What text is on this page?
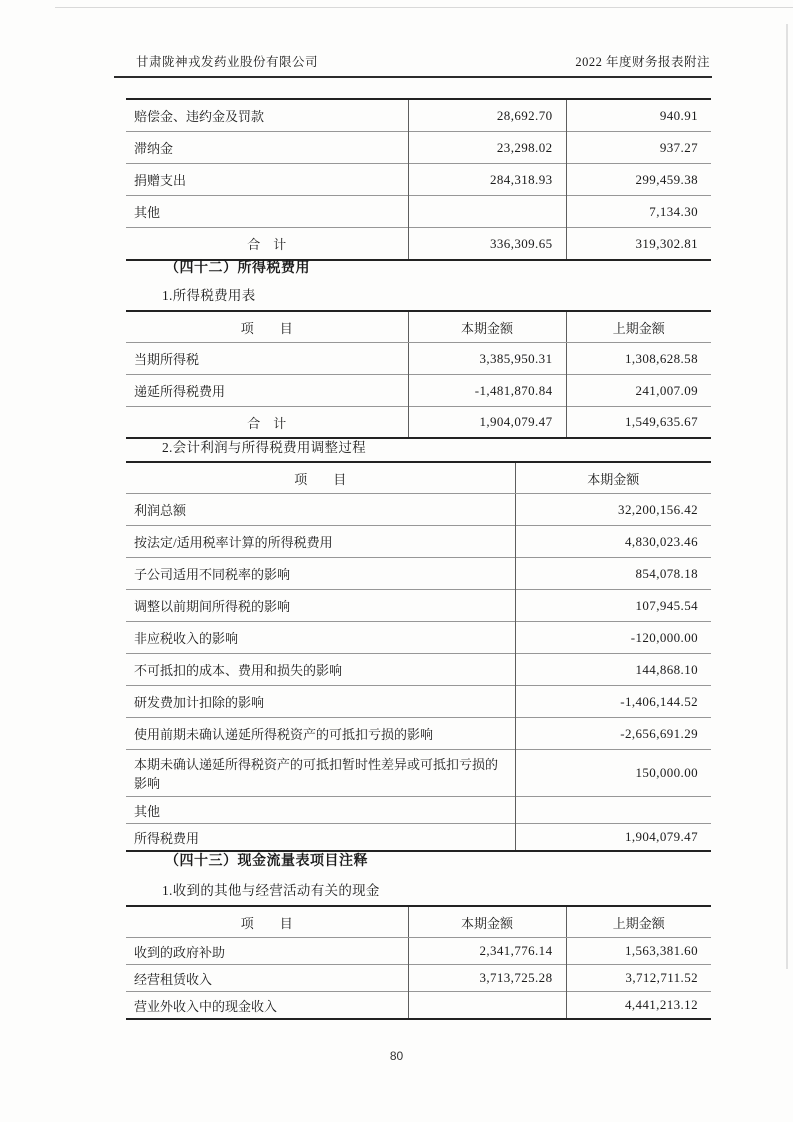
甘肃陇神戎发药业股份有限公司	2022 年度财务报表附注
赔偿金、违约金及罚款	28,692.70	940.91
滞纳金	23,298.02	937.27
捐赠支出	284,318.93	299,459.38
其他		7,134.30
合　计	336,309.65	319,302.81
（四十二）所得税费用

1.所得税费用表

项　　目	本期金额	上期金额
当期所得税	3,385,950.31	1,308,628.58
递延所得税费用	-1,481,870.84	241,007.09
合　计	1,904,079.47	1,549,635.67

2.会计利润与所得税费用调整过程

项　　目	本期金额
利润总额	32,200,156.42
按法定/适用税率计算的所得税费用	4,830,023.46
子公司适用不同税率的影响	854,078.18
调整以前期间所得税的影响	107,945.54
非应税收入的影响	-120,000.00
不可抵扣的成本、费用和损失的影响	144,868.10
研发费加计扣除的影响	-1,406,144.52
使用前期未确认递延所得税资产的可抵扣亏损的影响	-2,656,691.29
本期未确认递延所得税资产的可抵扣暂时性差异或可抵扣亏损的影响	150,000.00
其他	
所得税费用	1,904,079.47
（四十三）现金流量表项目注释

1.收到的其他与经营活动有关的现金

项　　目	本期金额	上期金额
收到的政府补助	2,341,776.14	1,563,381.60
经营租赁收入	3,713,725.28	3,712,711.52
营业外收入中的现金收入		4,441,213.12
80
